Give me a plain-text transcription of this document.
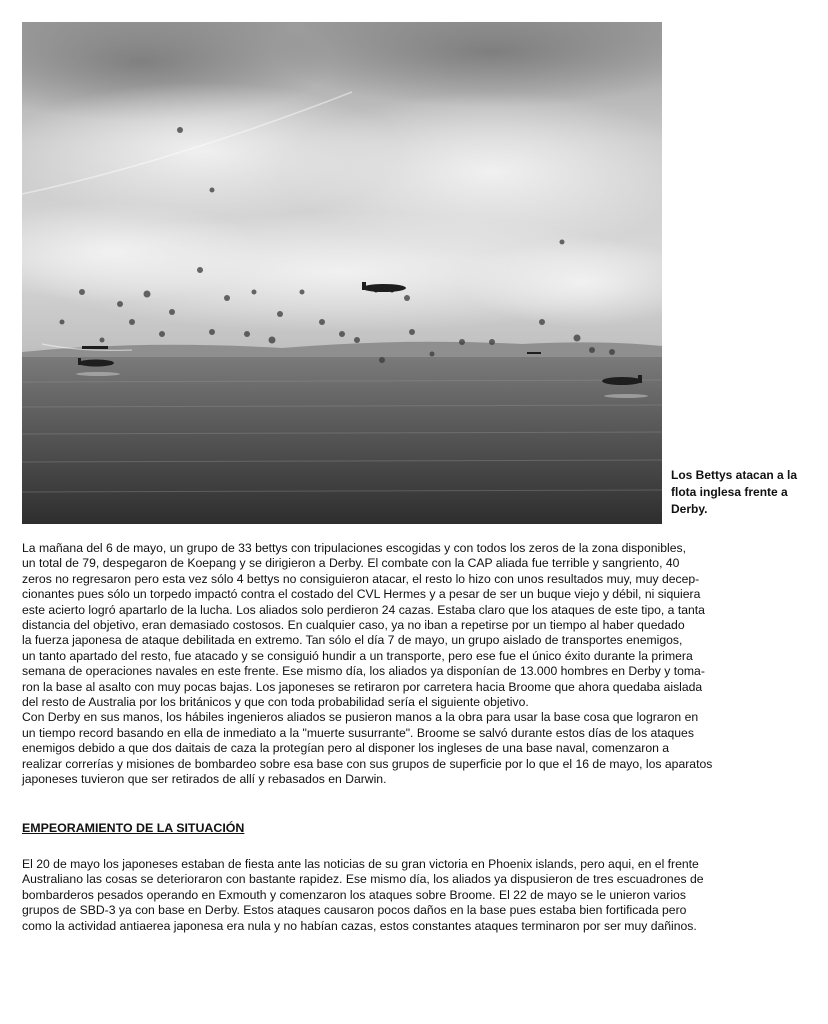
Los Bettys atacan a la
flota inglesa frente a
Derby.
La mañana del 6 de mayo, un grupo de 33 bettys con tripulaciones escogidas y con todos los zeros de la zona disponibles,
un total de 79, despegaron de Koepang y se dirigieron a Derby. El combate con la CAP aliada fue terrible y sangriento, 40
zeros no regresaron pero esta vez sólo 4 bettys no consiguieron atacar, el resto lo hizo con unos resultados muy, muy decep-
cionantes pues sólo un torpedo impactó contra el costado del CVL Hermes y a pesar de ser un buque viejo y débil, ni siquiera
este acierto logró apartarlo de la lucha. Los aliados solo perdieron 24 cazas. Estaba claro que los ataques de este tipo, a tanta
distancia del objetivo, eran demasiado costosos. En cualquier caso, ya no iban a repetirse por un tiempo al haber quedado
la fuerza japonesa de ataque debilitada en extremo. Tan sólo el día 7 de mayo, un grupo aislado de transportes enemigos,
un tanto apartado del resto, fue atacado y se consiguió hundir a un transporte, pero ese fue el único éxito durante la primera
semana de operaciones navales en este frente. Ese mismo día, los aliados ya disponían de 13.000 hombres en Derby y toma-
ron la base al asalto con muy pocas bajas. Los japoneses se retiraron por carretera hacia Broome que ahora quedaba aislada
del resto de Australia por los británicos y que con toda probabilidad sería el siguiente objetivo.
Con Derby en sus manos, los hábiles ingenieros aliados se pusieron manos a la obra para usar la base cosa que lograron en
un tiempo record basando en ella de inmediato a la "muerte susurrante". Broome se salvó durante estos días de los ataques
enemigos debido a que dos daitais de caza la protegían pero al disponer los ingleses de una base naval, comenzaron a
realizar correrías y misiones de bombardeo sobre esa base con sus grupos de superficie por lo que el 16 de mayo, los aparatos
japoneses tuvieron que ser retirados de allí y rebasados en Darwin.
EMPEORAMIENTO DE LA SITUACIÓN
El 20 de mayo los japoneses estaban de fiesta ante las noticias de su gran victoria en Phoenix islands, pero aqui, en el frente
Australiano las cosas se deterioraron con bastante rapidez. Ese mismo día, los aliados ya dispusieron de tres escuadrones de
bombarderos pesados operando en Exmouth y comenzaron los ataques sobre Broome. El 22 de mayo se le unieron varios
grupos de SBD-3 ya con base en Derby. Estos ataques causaron pocos daños en la base pues estaba bien fortificada pero
como la actividad antiaerea japonesa era nula y no habían cazas, estos constantes ataques terminaron por ser muy dañinos.
